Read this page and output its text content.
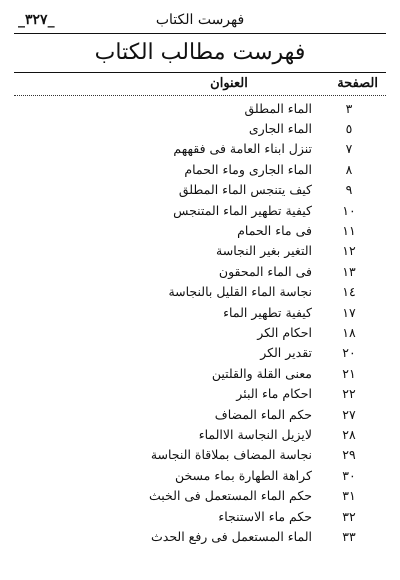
فهرست الكتاب
_٣٢٧_
فهرست مطالب الكتاب
الصفحة
العنوان
٣
الماء المطلق
٥
الماء الجارى
٧
تنزل ابناء العامة فى فقههم
٨
الماء الجارى وماء الحمام
٩
كيف يتنجس الماء المطلق
١٠
كيفية تطهير الماء المتنجس
١١
فى ماء الحمام
١٢
التغير بغير النجاسة
١٣
فى الماء المحقون
١٤
نجاسة الماء القليل بالنجاسة
١٧
كيفية تطهير الماء
١٨
احكام الكر
٢٠
تقدير الكر
٢١
معنى القلة والقلتين
٢٢
احكام ماء البئر
٢٧
حكم الماء المضاف
٢٨
لايزيل النجاسة الاالماء
٢٩
نجاسة المضاف بملاقاة النجاسة
٣٠
كراهة الطهارة بماء مسخن
٣١
حكم الماء المستعمل فى الخبث
٣٢
حكم ماء الاستنجاء
٣٣
الماء المستعمل فى رفع الحدث
